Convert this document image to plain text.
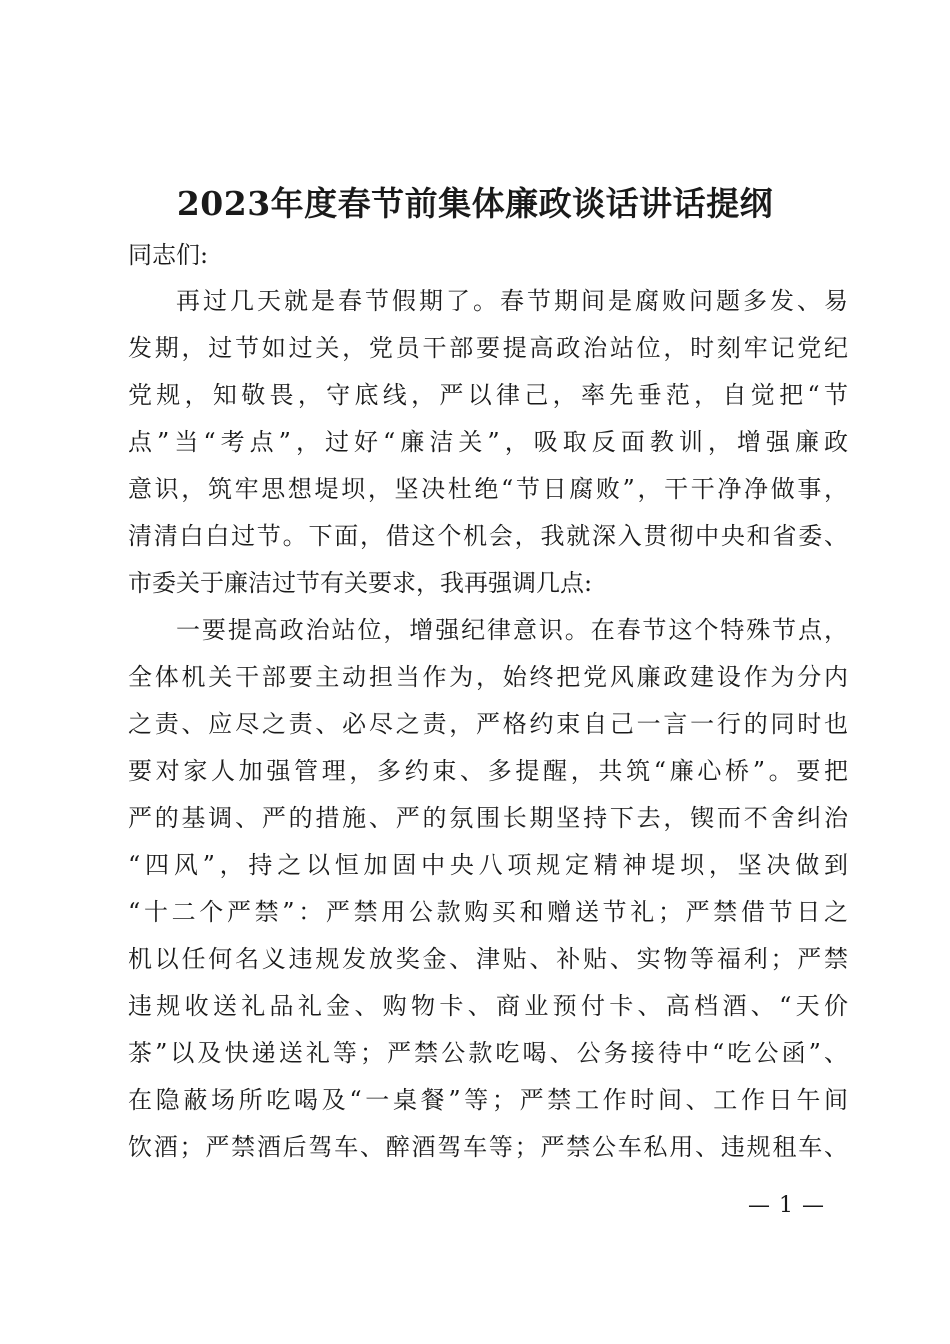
2023年度春节前集体廉政谈话讲话提纲
同志们:
再过几天就是春节假期了。春节期间是腐败问题多发、易
发期，过节如过关，党员干部要提高政治站位，时刻牢记党纪
党规，知敬畏，守底线，严以律己，率先垂范，自觉把“节
点”当“考点”，过好“廉洁关”，吸取反面教训，增强廉政
意识，筑牢思想堤坝，坚决杜绝“节日腐败”，干干净净做事，
清清白白过节。下面，借这个机会，我就深入贯彻中央和省委、
市委关于廉洁过节有关要求，我再强调几点:
一要提高政治站位，增强纪律意识。在春节这个特殊节点，
全体机关干部要主动担当作为，始终把党风廉政建设作为分内
之责、应尽之责、必尽之责，严格约束自己一言一行的同时也
要对家人加强管理，多约束、多提醒，共筑“廉心桥”。要把
严的基调、严的措施、严的氛围长期坚持下去，锲而不舍纠治
“四风”，持之以恒加固中央八项规定精神堤坝，坚决做到
“十二个严禁”：严禁用公款购买和赠送节礼；严禁借节日之
机以任何名义违规发放奖金、津贴、补贴、实物等福利；严禁
违规收送礼品礼金、购物卡、商业预付卡、高档酒、“天价
茶”以及快递送礼等；严禁公款吃喝、公务接待中“吃公函”、
在隐蔽场所吃喝及“一桌餐”等；严禁工作时间、工作日午间
饮酒；严禁酒后驾车、醉酒驾车等；严禁公车私用、违规租车、
— 1 —
